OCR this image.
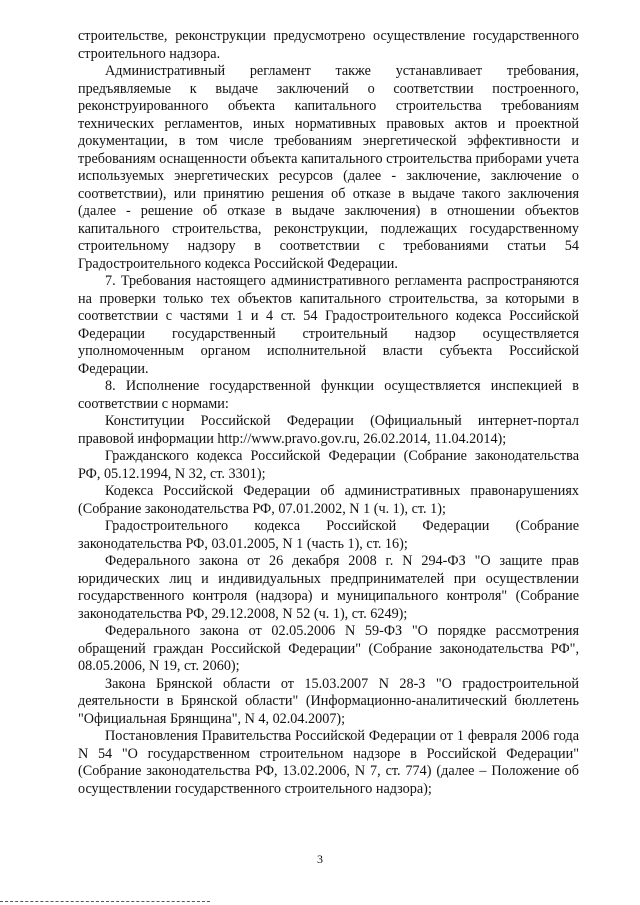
строительстве, реконструкции предусмотрено осуществление государственного строительного надзора.

Административный регламент также устанавливает требования, предъявляемые к выдаче заключений о соответствии построенного, реконструированного объекта капитального строительства требованиям технических регламентов, иных нормативных правовых актов и проектной документации, в том числе требованиям энергетической эффективности и требованиям оснащенности объекта капитального строительства приборами учета используемых энергетических ресурсов (далее - заключение, заключение о соответствии), или принятию решения об отказе в выдаче такого заключения (далее - решение об отказе в выдаче заключения) в отношении объектов капитального строительства, реконструкции, подлежащих государственному строительному надзору в соответствии с требованиями статьи 54 Градостроительного кодекса Российской Федерации.

7. Требования настоящего административного регламента распространяются на проверки только тех объектов капитального строительства, за которыми в соответствии с частями 1 и 4 ст. 54 Градостроительного кодекса Российской Федерации государственный строительный надзор осуществляется уполномоченным органом исполнительной власти субъекта Российской Федерации.

8. Исполнение государственной функции осуществляется инспекцией в соответствии с нормами:

Конституции Российской Федерации (Официальный интернет-портал правовой информации http://www.pravo.gov.ru, 26.02.2014, 11.04.2014);

Гражданского кодекса Российской Федерации (Собрание законодательства РФ, 05.12.1994, N 32, ст. 3301);

Кодекса Российской Федерации об административных правонарушениях (Собрание законодательства РФ, 07.01.2002, N 1 (ч. 1), ст. 1);

Градостроительного кодекса Российской Федерации (Собрание законодательства РФ, 03.01.2005, N 1 (часть 1), ст. 16);

Федерального закона от 26 декабря 2008 г. N 294-ФЗ "О защите прав юридических лиц и индивидуальных предпринимателей при осуществлении государственного контроля (надзора) и муниципального контроля" (Собрание законодательства РФ, 29.12.2008, N 52 (ч. 1), ст. 6249);

Федерального закона от 02.05.2006 N 59-ФЗ "О порядке рассмотрения обращений граждан Российской Федерации" (Собрание законодательства РФ", 08.05.2006, N 19, ст. 2060);

Закона Брянской области от 15.03.2007 N 28-З "О градостроительной деятельности в Брянской области" (Информационно-аналитический бюллетень "Официальная Брянщина", N 4, 02.04.2007);

Постановления Правительства Российской Федерации от 1 февраля 2006 года N 54 "О государственном строительном надзоре в Российской Федерации" (Собрание законодательства РФ, 13.02.2006, N 7, ст. 774) (далее – Положение об осуществлении государственного строительного надзора);

3
